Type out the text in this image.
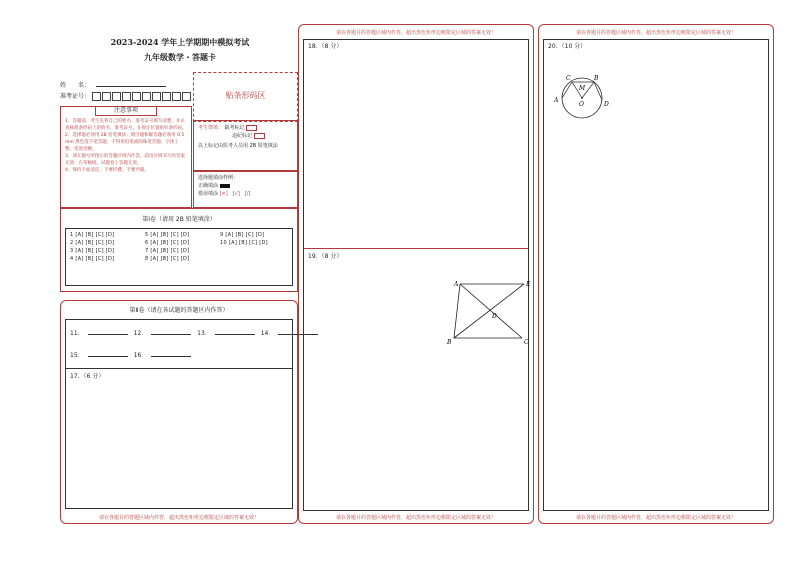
2023-2024 学年上学期期中模拟考试
九年级数学・答题卡
姓　　名：
准考证号：	贴条形码区
注意事项
1．答题前，考生先将自己的姓名，准考证号填写清楚，并认真核准条形码上的姓名、准考证号，在规定位置贴好条形码。
2．选择题必须用 2B 铅笔填涂；填空题和解答题必须用 0.5 mm 黑色签字笔答题，不得用铅笔或圆珠笔答题；字体工整、笔迹清晰。
3．请在题号所指示的答题区域内作答，超出区域书写的答案无效；在草稿纸、试题卷上答题无效。
4．保持卡面清洁，不要折叠、不要弄破。
考生禁填： 缺考标记
违纪标记
以上标记由监考人员用 2B 铅笔填涂
选择题填涂样例：
正确填涂
错误填涂 [×]　[√]　[/]
第Ⅰ卷（请用 2B 铅笔填涂）
1 [A] [B] [C] [D]	5 [A] [B] [C] [D]	9 [A] [B] [C] [D]
2 [A] [B] [C] [D]	6 [A] [B] [C] [D]	10 [A] [B] [C] [D]
3 [A] [B] [C] [D]	7 [A] [B] [C] [D]
4 [A] [B] [C] [D]	8 [A] [B] [C] [D]
第Ⅱ卷（请在各试题的答题区内作答）
11．	12．	13．	14．
15．	16．
17．（6 分）
请在各题目的答题区域内作答，超出黑色矩形边框限定区域的答案无效！
请在各题目的答题区域内作答，超出黑色矩形边框限定区域的答案无效！
18．（8 分）
19．（8 分）
A	E
D
B	C
请在各题目的答题区域内作答，超出黑色矩形边框限定区域的答案无效！
请在各题目的答题区域内作答，超出黑色矩形边框限定区域的答案无效！
20．（10 分）
C	B
M
A
O	D
请在各题目的答题区域内作答，超出黑色矩形边框限定区域的答案无效！
